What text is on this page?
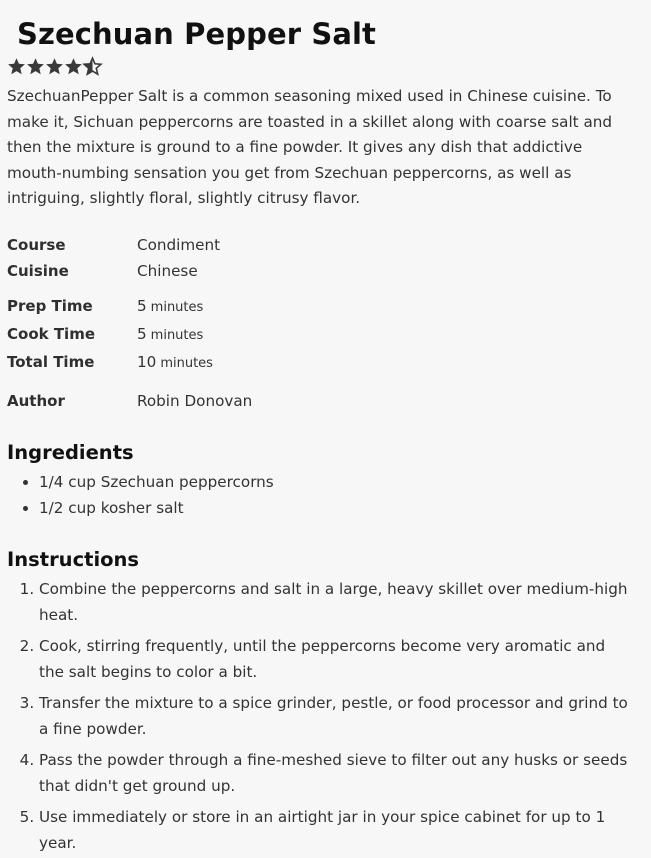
Szechuan Pepper Salt

SzechuanPepper Salt is a common seasoning mixed used in Chinese cuisine. To make it, Sichuan peppercorns are toasted in a skillet along with coarse salt and then the mixture is ground to a fine powder. It gives any dish that addictive mouth-numbing sensation you get from Szechuan peppercorns, as well as intriguing, slightly floral, slightly citrusy flavor.

Course	Condiment
Cuisine	Chinese
Prep Time	5 minutes
Cook Time	5 minutes
Total Time	10 minutes
Author	Robin Donovan
Ingredients
• 1/4 cup Szechuan peppercorns
• 1/2 cup kosher salt
Instructions
1. Combine the peppercorns and salt in a large, heavy skillet over medium-high heat.
2. Cook, stirring frequently, until the peppercorns become very aromatic and the salt begins to color a bit.
3. Transfer the mixture to a spice grinder, pestle, or food processor and grind to a fine powder.
4. Pass the powder through a fine-meshed sieve to filter out any husks or seeds that didn't get ground up.
5. Use immediately or store in an airtight jar in your spice cabinet for up to 1 year.
